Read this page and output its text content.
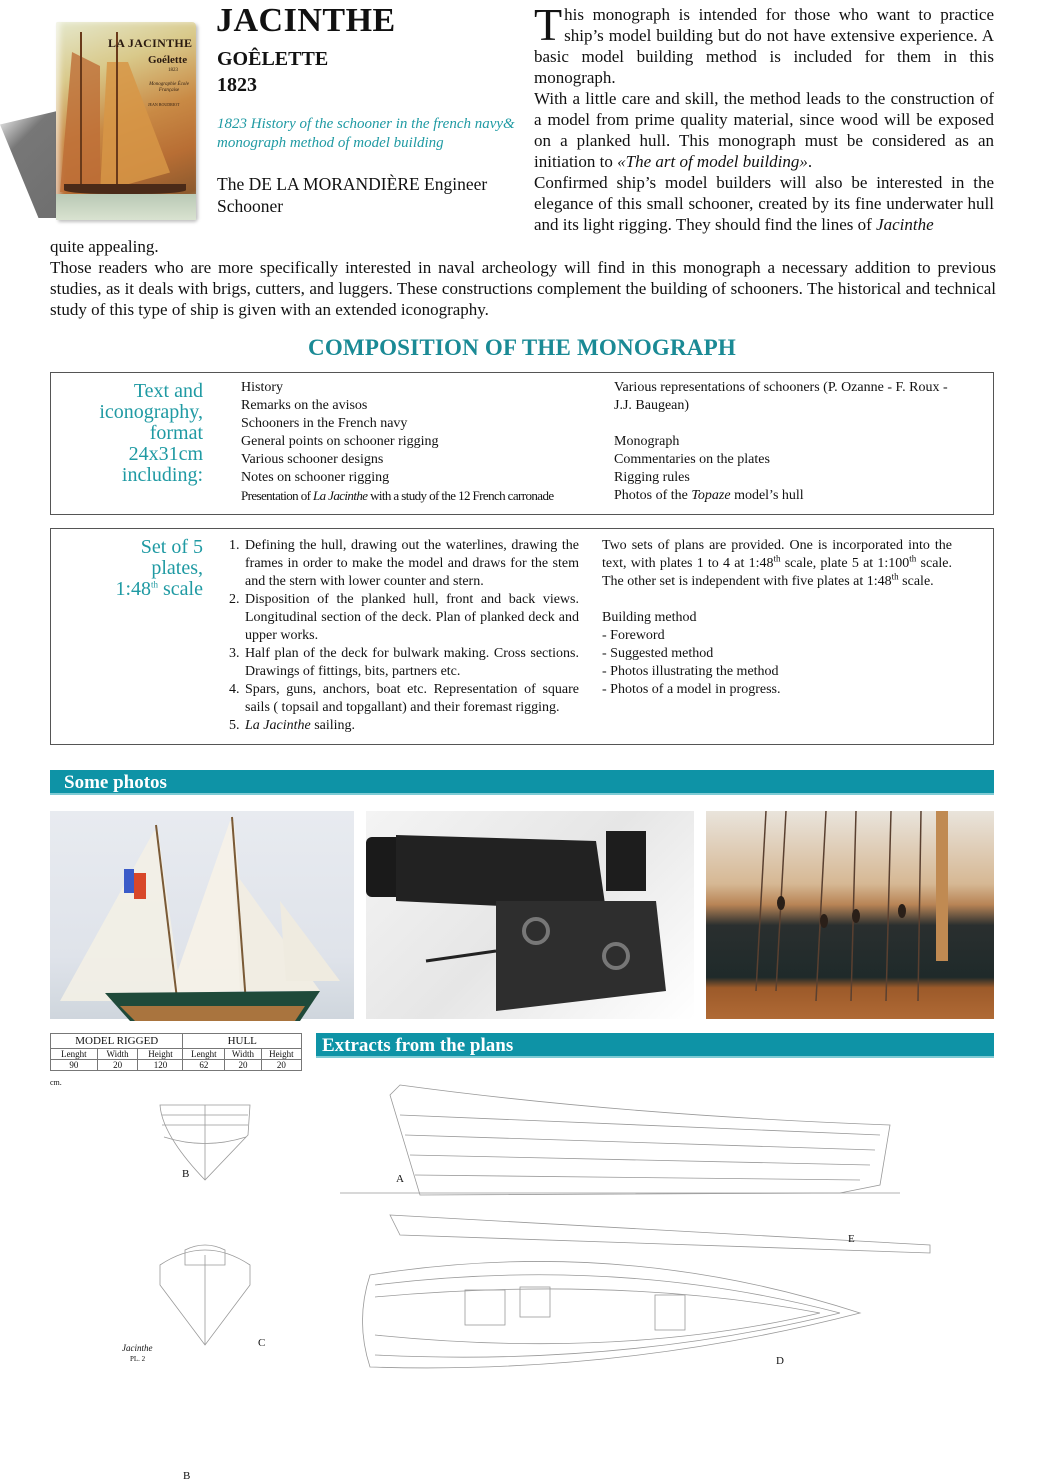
LA JACINTHE
Goélette
1823
Monographie École Française
JEAN BOUDRIOT
JACINTHE
GOÊLETTE
1823
1823 History of the schooner in the french navy& monograph method of model building
The DE LA MORANDIÈRE Engineer Schooner

This monograph is intended for those who want to practice ship’s model building but do not have extensive experience. A basic model building method is included for them in this monograph.

With a little care and skill, the method leads to the construction of a model from prime quality material, since wood will be exposed on a planked hull. This monograph must be considered as an initiation to «The art of model building».

Confirmed ship’s model builders will also be interested in the elegance of this small schooner, created by its fine underwater hull and its light rigging. They should find the lines of Jacinthe

quite appealing.

Those readers who are more specifically interested in naval archeology will find in this monograph a necessary addition to previous studies, as it deals with brigs, cutters, and luggers. These constructions complement the building of schooners. The historical and technical study of this type of ship is given with an extended iconography.

COMPOSITION OF THE MONOGRAPH
Text and
iconography,
format
24x31cm
including:
History
Remarks on the avisos
Schooners in the French navy
General points on schooner rigging
Various schooner designs
Notes on schooner rigging
Presentation of La Jacinthe with a study of the 12 French carronade
Various representations of schooners (P. Ozanne - F. Roux - J.J. Baugean)
Monograph
Commentaries on the plates
Rigging rules
Photos of the Topaze model’s hull
Set of 5
plates,
1:48th scale
1. Defining the hull, drawing out the waterlines, drawing the frames in order to make the model and draws for the stem and the stern with lower counter and stern.
2. Disposition of the planked hull, front and back views. Longitudinal section of the deck. Plan of planked deck and upper works.
3. Half plan of the deck for bulwark making. Cross sections. Drawings of fittings, bits, partners etc.
4. Spars, guns, anchors, boat etc. Representation of square sails ( topsail and topgallant) and their foremast rigging.
5. La Jacinthe sailing.
Two sets of plans are provided. One is incorporated into the text, with plates 1 to 4 at 1:48th scale, plate 5 at 1:100th scale. The other set is independent with five plates at 1:48th scale.
Building method
- Foreword
- Suggested method
- Photos illustrating the method
- Photos of a model in progress.
Some photos
MODEL RIGGED			HULL		
Lenght	Width	Height	Lenght	Width	Height
90	20	120	62	20	20
cm.
Extracts from the plans
B
B
C
A
E
D
Jacinthe
PL. 2
